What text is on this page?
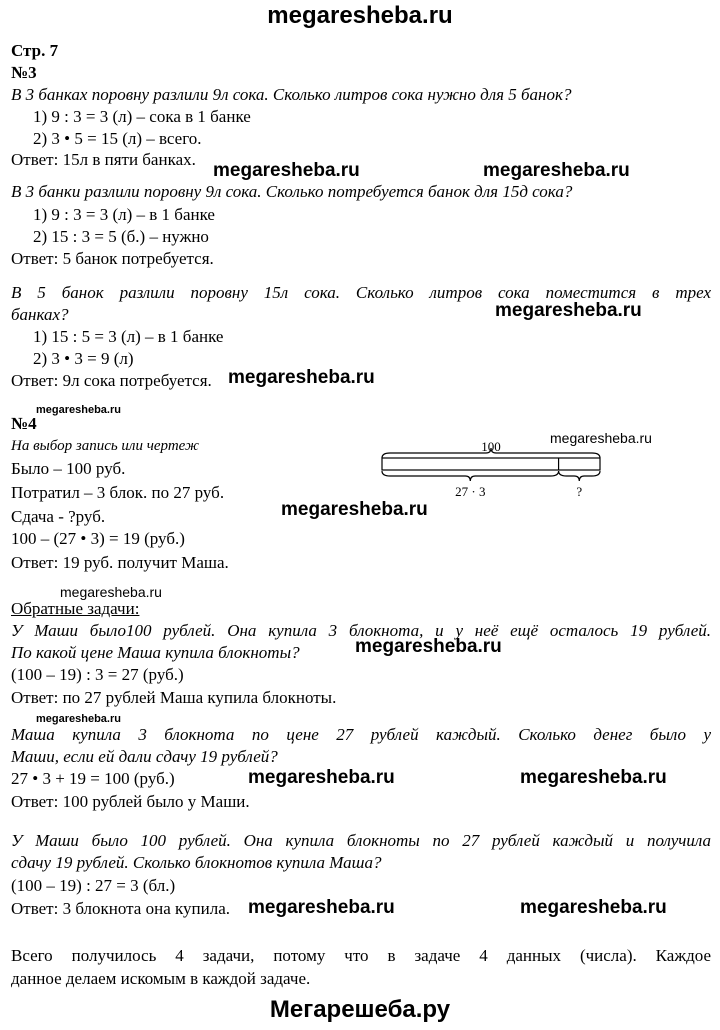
megaresheba.ru
Стр. 7
№3
В 3 банках поровну разлили 9л сока. Сколько литров сока нужно для 5 банок?
1) 9 : 3 = 3 (л) – сока в 1 банке
2) 3 • 5 = 15 (л) – всего.
Ответ: 15л в пяти банках.
В 3 банки разлили поровну 9л сока. Сколько потребуется банок для 15д сока?
1) 9 : 3 = 3 (л) – в 1 банке
2) 15 : 3 = 5 (б.) – нужно
Ответ: 5 банок потребуется.
В 5 банок разлили поровну 15л сока. Сколько литров сока поместится в трех
банках?
1) 15 : 5 = 3 (л) – в 1 банке
2) 3 • 3 = 9 (л)
Ответ: 9л сока потребуется.
№4
На выбор запись или чертеж
Было – 100 руб.
Потратил – 3 блок. по 27 руб.
Сдача - ?руб.
100 – (27 • 3) = 19 (руб.)
Ответ: 19 руб. получит Маша.
100
27 · 3	?
Обратные задачи:
У Маши было100 рублей. Она купила 3 блокнота, и у неё ещё осталось 19 рублей.
По какой цене Маша купила блокноты?
(100 – 19) : 3 = 27 (руб.)
Ответ: по 27 рублей Маша купила блокноты.
Маша купила 3 блокнота по цене 27 рублей каждый. Сколько денег было у
Маши, если ей дали сдачу 19 рублей?
27 • 3 + 19 = 100 (руб.)
Ответ: 100 рублей было у Маши.
У Маши было 100 рублей. Она купила блокноты по 27 рублей каждый и получила
сдачу 19 рублей. Сколько блокнотов купила Маша?
(100 – 19) : 27 = 3 (бл.)
Ответ: 3 блокнота она купила.
Всего получилось 4 задачи, потому что в задаче 4 данных (числа). Каждое
данное делаем искомым в каждой задаче.
megaresheba.ru	megaresheba.ru
megaresheba.ru
megaresheba.ru
megaresheba.ru
megaresheba.ru
megaresheba.ru
megaresheba.ru
megaresheba.ru
megaresheba.ru
megaresheba.ru	megaresheba.ru
megaresheba.ru	megaresheba.ru
Мегарешеба.ру
